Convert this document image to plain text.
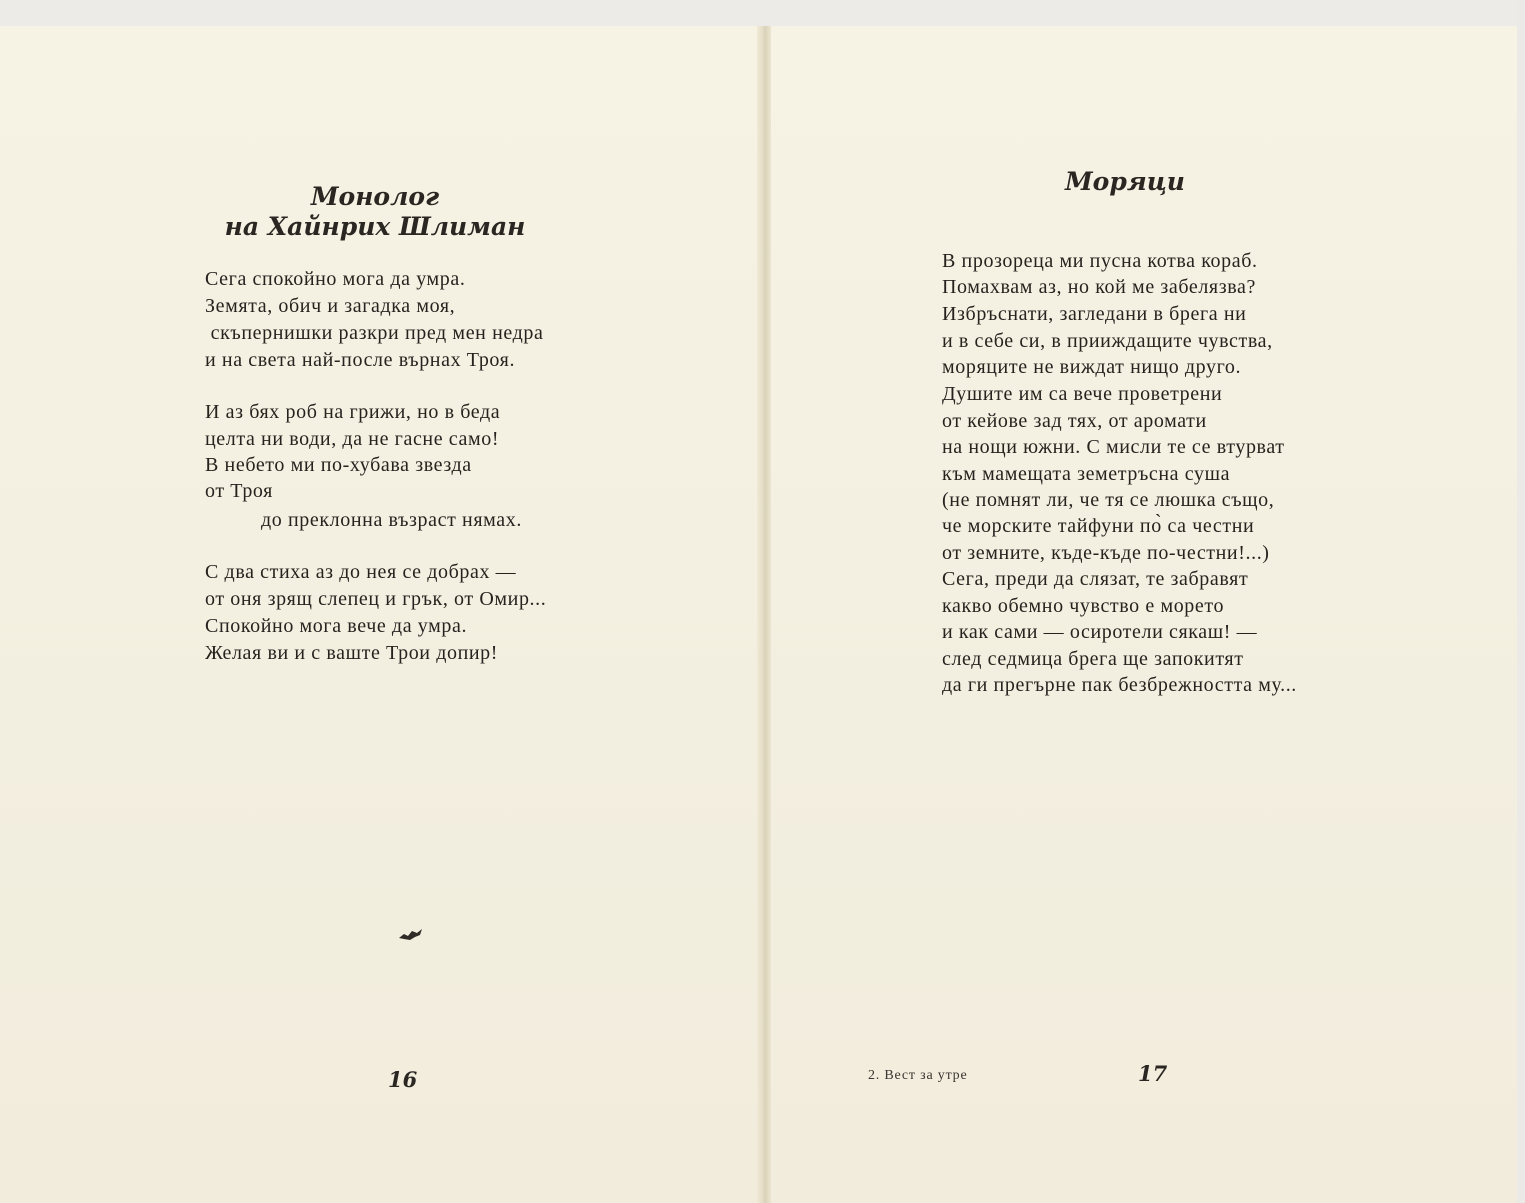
Монолог
на Хайнрих Шлиман

Сега спокойно мога да умра.

Земята, обич и загадка моя,

скъпернишки разкри пред мен недра

и на света най-после върнах Троя.

И аз бях роб на грижи, но в беда

целта ни води, да не гасне само!

В небето ми по-хубава звезда

от Троя

до преклонна възраст нямах.

С два стиха аз до нея се добрах —

от оня зрящ слепец и грък, от Омир...

Спокойно мога вече да умра.

Желая ви и с ваште Трои допир!

16
Моряци

В прозореца ми пусна котва кораб.

Помахвам аз, но кой ме забелязва?

Избръснати, загледани в брега ни

и в себе си, в прииждащите чувства,

моряците не виждат нищо друго.

Душите им са вече проветрени

от кейове зад тях, от аромати

на нощи южни. С мисли те се втурват

към мамещата земетръсна суша

(не помнят ли, че тя се люшка също,

че морските тайфуни по̀ са честни

от земните, къде-къде по-честни!...)

Сега, преди да слязат, те забравят

какво обемно чувство е морето

и как сами — осиротели сякаш! —

след седмица брега ще запокитят

да ги прегърне пак безбрежността му...

2. Вест за утре	17
